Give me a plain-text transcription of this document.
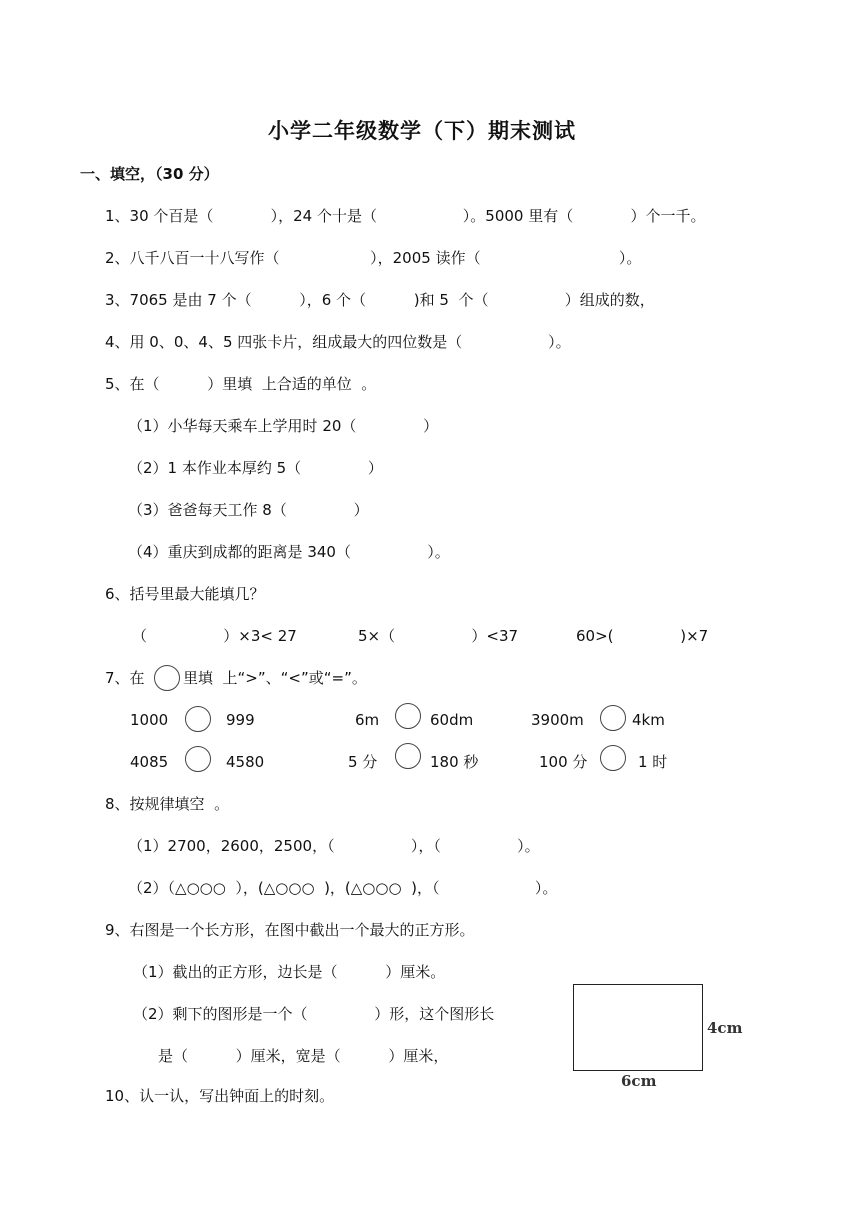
小学二年级数学（下）期末测试
一、填空，（30 分）
1、30 个百是（            ），24 个十是（                  ）。5000 里有（            ）个一千。
2、八千八百一十八写作（                   ），2005 读作（                             ）。
3、7065 是由 7 个（          ），6 个（          )和 5  个（                ）组成的数，
4、用 0、0、4、5 四张卡片，组成最大的四位数是（                  ）。
5、在（          ）里填  上合适的单位  。
（1）小华每天乘车上学用时 20（              ）
（2）1 本作业本厚约 5（              ）
（3）爸爸每天工作 8（              ）
（4）重庆到成都的距离是 340（                ）。
6、括号里最大能填几？
（                ）×3< 27	5×（                ）<37	60>(              )×7
7、在	里填  上“>”、“<”或“=”。
1000	999	6m	60dm	3900m	4km
4085	4580	5 分	180 秒	100 分	1 时
8、按规律填空  。
（1）2700，2600，2500，（                ），（                ）。
（2）（△○○○  ），(△○○○  )，(△○○○  )，（                    ）。
9、右图是一个长方形，在图中截出一个最大的正方形。
（1）截出的正方形，边长是（          ）厘米。
（2）剩下的图形是一个（              ）形，这个图形长
是（          ）厘米，宽是（          ）厘米，
4cm
6cm
10、认一认，写出钟面上的时刻。
